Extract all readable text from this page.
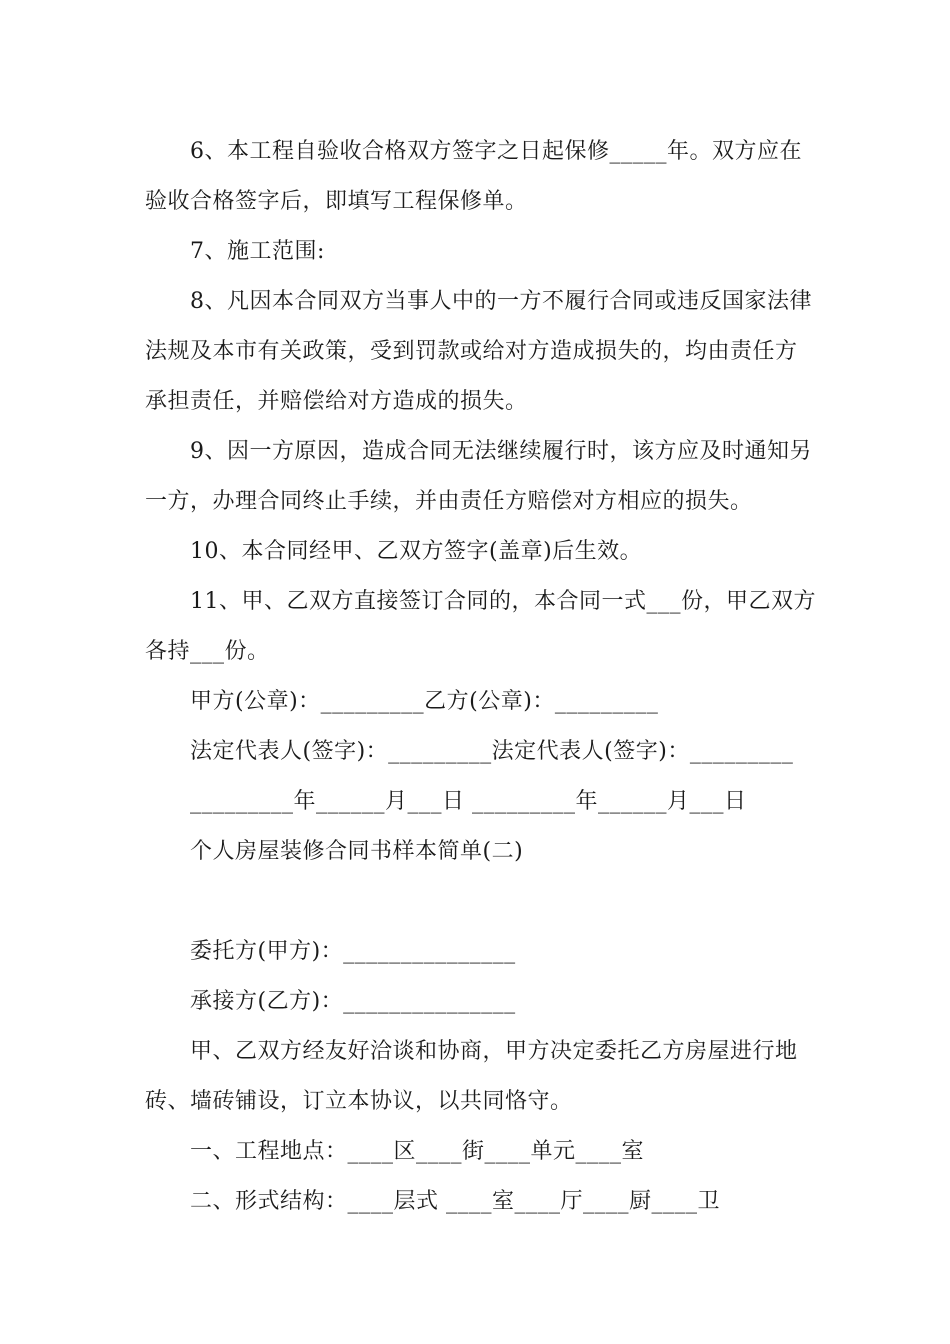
6、本工程自验收合格双方签字之日起保修_____年。双方应在
验收合格签字后，即填写工程保修单。
7、施工范围:
8、凡因本合同双方当事人中的一方不履行合同或违反国家法律
法规及本市有关政策，受到罚款或给对方造成损失的，均由责任方
承担责任，并赔偿给对方造成的损失。
9、因一方原因，造成合同无法继续履行时，该方应及时通知另
一方，办理合同终止手续，并由责任方赔偿对方相应的损失。
10、本合同经甲、乙双方签字(盖章)后生效。
11、甲、乙双方直接签订合同的，本合同一式___份，甲乙双方
各持___份。
甲方(公章)：_________乙方(公章)：_________
法定代表人(签字)：_________法定代表人(签字)：_________
_________年______月___日 _________年______月___日
个人房屋装修合同书样本简单(二)
委托方(甲方)：_______________
承接方(乙方)：_______________
甲、乙双方经友好洽谈和协商，甲方决定委托乙方房屋进行地
砖、墙砖铺设，订立本协议，以共同恪守。
一、工程地点：____区____街____单元____室
二、形式结构：____层式 ____室____厅____厨____卫
